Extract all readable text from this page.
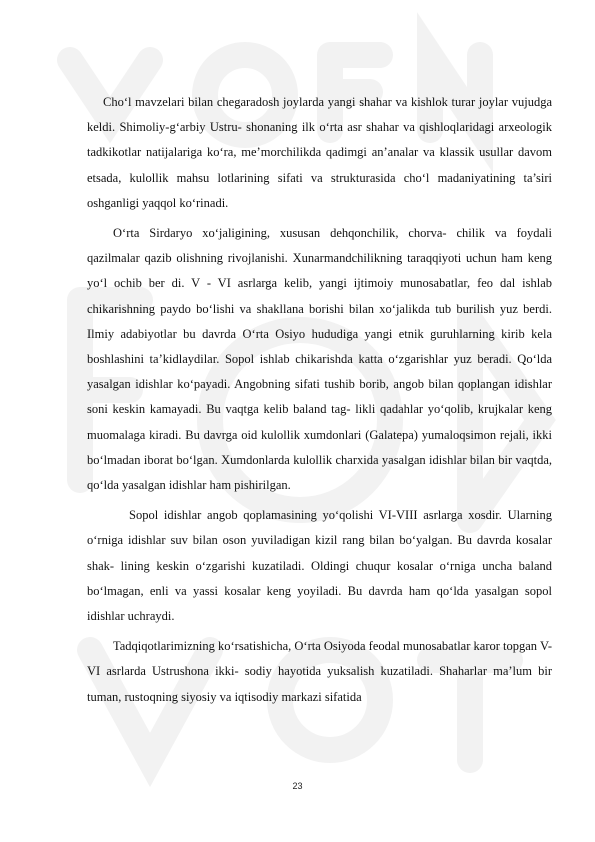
Cho‘l mavzelari bilan chegaradosh joylarda yangi shahar va kishlok turar joylar vujudga keldi. Shimoliy-g‘arbiy Ustru- shonaning ilk o‘rta asr shahar va qishloqlaridagi arxeologik tadkikotlar natijalariga ko‘ra, me’morchilikda qadimgi an’analar va klassik usullar davom etsada, kulollik mahsu lotlarining sifati va strukturasida cho‘l madaniyatining ta’siri oshganligi yaqqol ko‘rinadi.

O‘rta Sirdaryo xo‘jaligining, xususan dehqonchilik, chorva- chilik va foydali qazilmalar qazib olishning rivojlanishi. Xunarmandchilikning taraqqiyoti uchun ham keng yo‘l ochib ber di. V - VI asrlarga kelib, yangi ijtimoiy munosabatlar, feo dal ishlab chikarishning paydo bo‘lishi va shakllana borishi bilan xo‘jalikda tub burilish yuz berdi. Ilmiy adabiyotlar bu davrda O‘rta Osiyo hududiga yangi etnik guruhlarning kirib kela boshlashini ta’kidlaydilar. Sopol ishlab chikarishda katta o‘zgarishlar yuz beradi. Qo‘lda yasalgan idishlar ko‘payadi. Angobning sifati tushib borib, angob bilan qoplangan idishlar soni keskin kamayadi. Bu vaqtga kelib baland tag- likli qadahlar yo‘qolib, krujkalar keng muomalaga kiradi. Bu davrga oid kulollik xumdonlari (Galatepa) yumaloqsimon rejali, ikki bo‘lmadan iborat bo‘lgan. Xumdonlarda kulollik charxida yasalgan idishlar bilan bir vaqtda, qo‘lda yasalgan idishlar ham pishirilgan.

Sopol idishlar angob qoplamasining yo‘qolishi VI-VIII asrlarga xosdir. Ularning o‘rniga idishlar suv bilan oson yuviladigan kizil rang bilan bo‘yalgan. Bu davrda kosalar shak- lining keskin o‘zgarishi kuzatiladi. Oldingi chuqur kosalar o‘rniga uncha baland bo‘lmagan, enli va yassi kosalar keng yoyiladi. Bu davrda ham qo‘lda yasalgan sopol idishlar uchraydi.

Tadqiqotlarimizning ko‘rsatishicha, O‘rta Osiyoda feodal munosabatlar karor topgan V-VI asrlarda Ustrushona ikki- sodiy hayotida yuksalish kuzatiladi. Shaharlar ma’lum bir tuman, rustoqning siyosiy va iqtisodiy markazi sifatida

23
